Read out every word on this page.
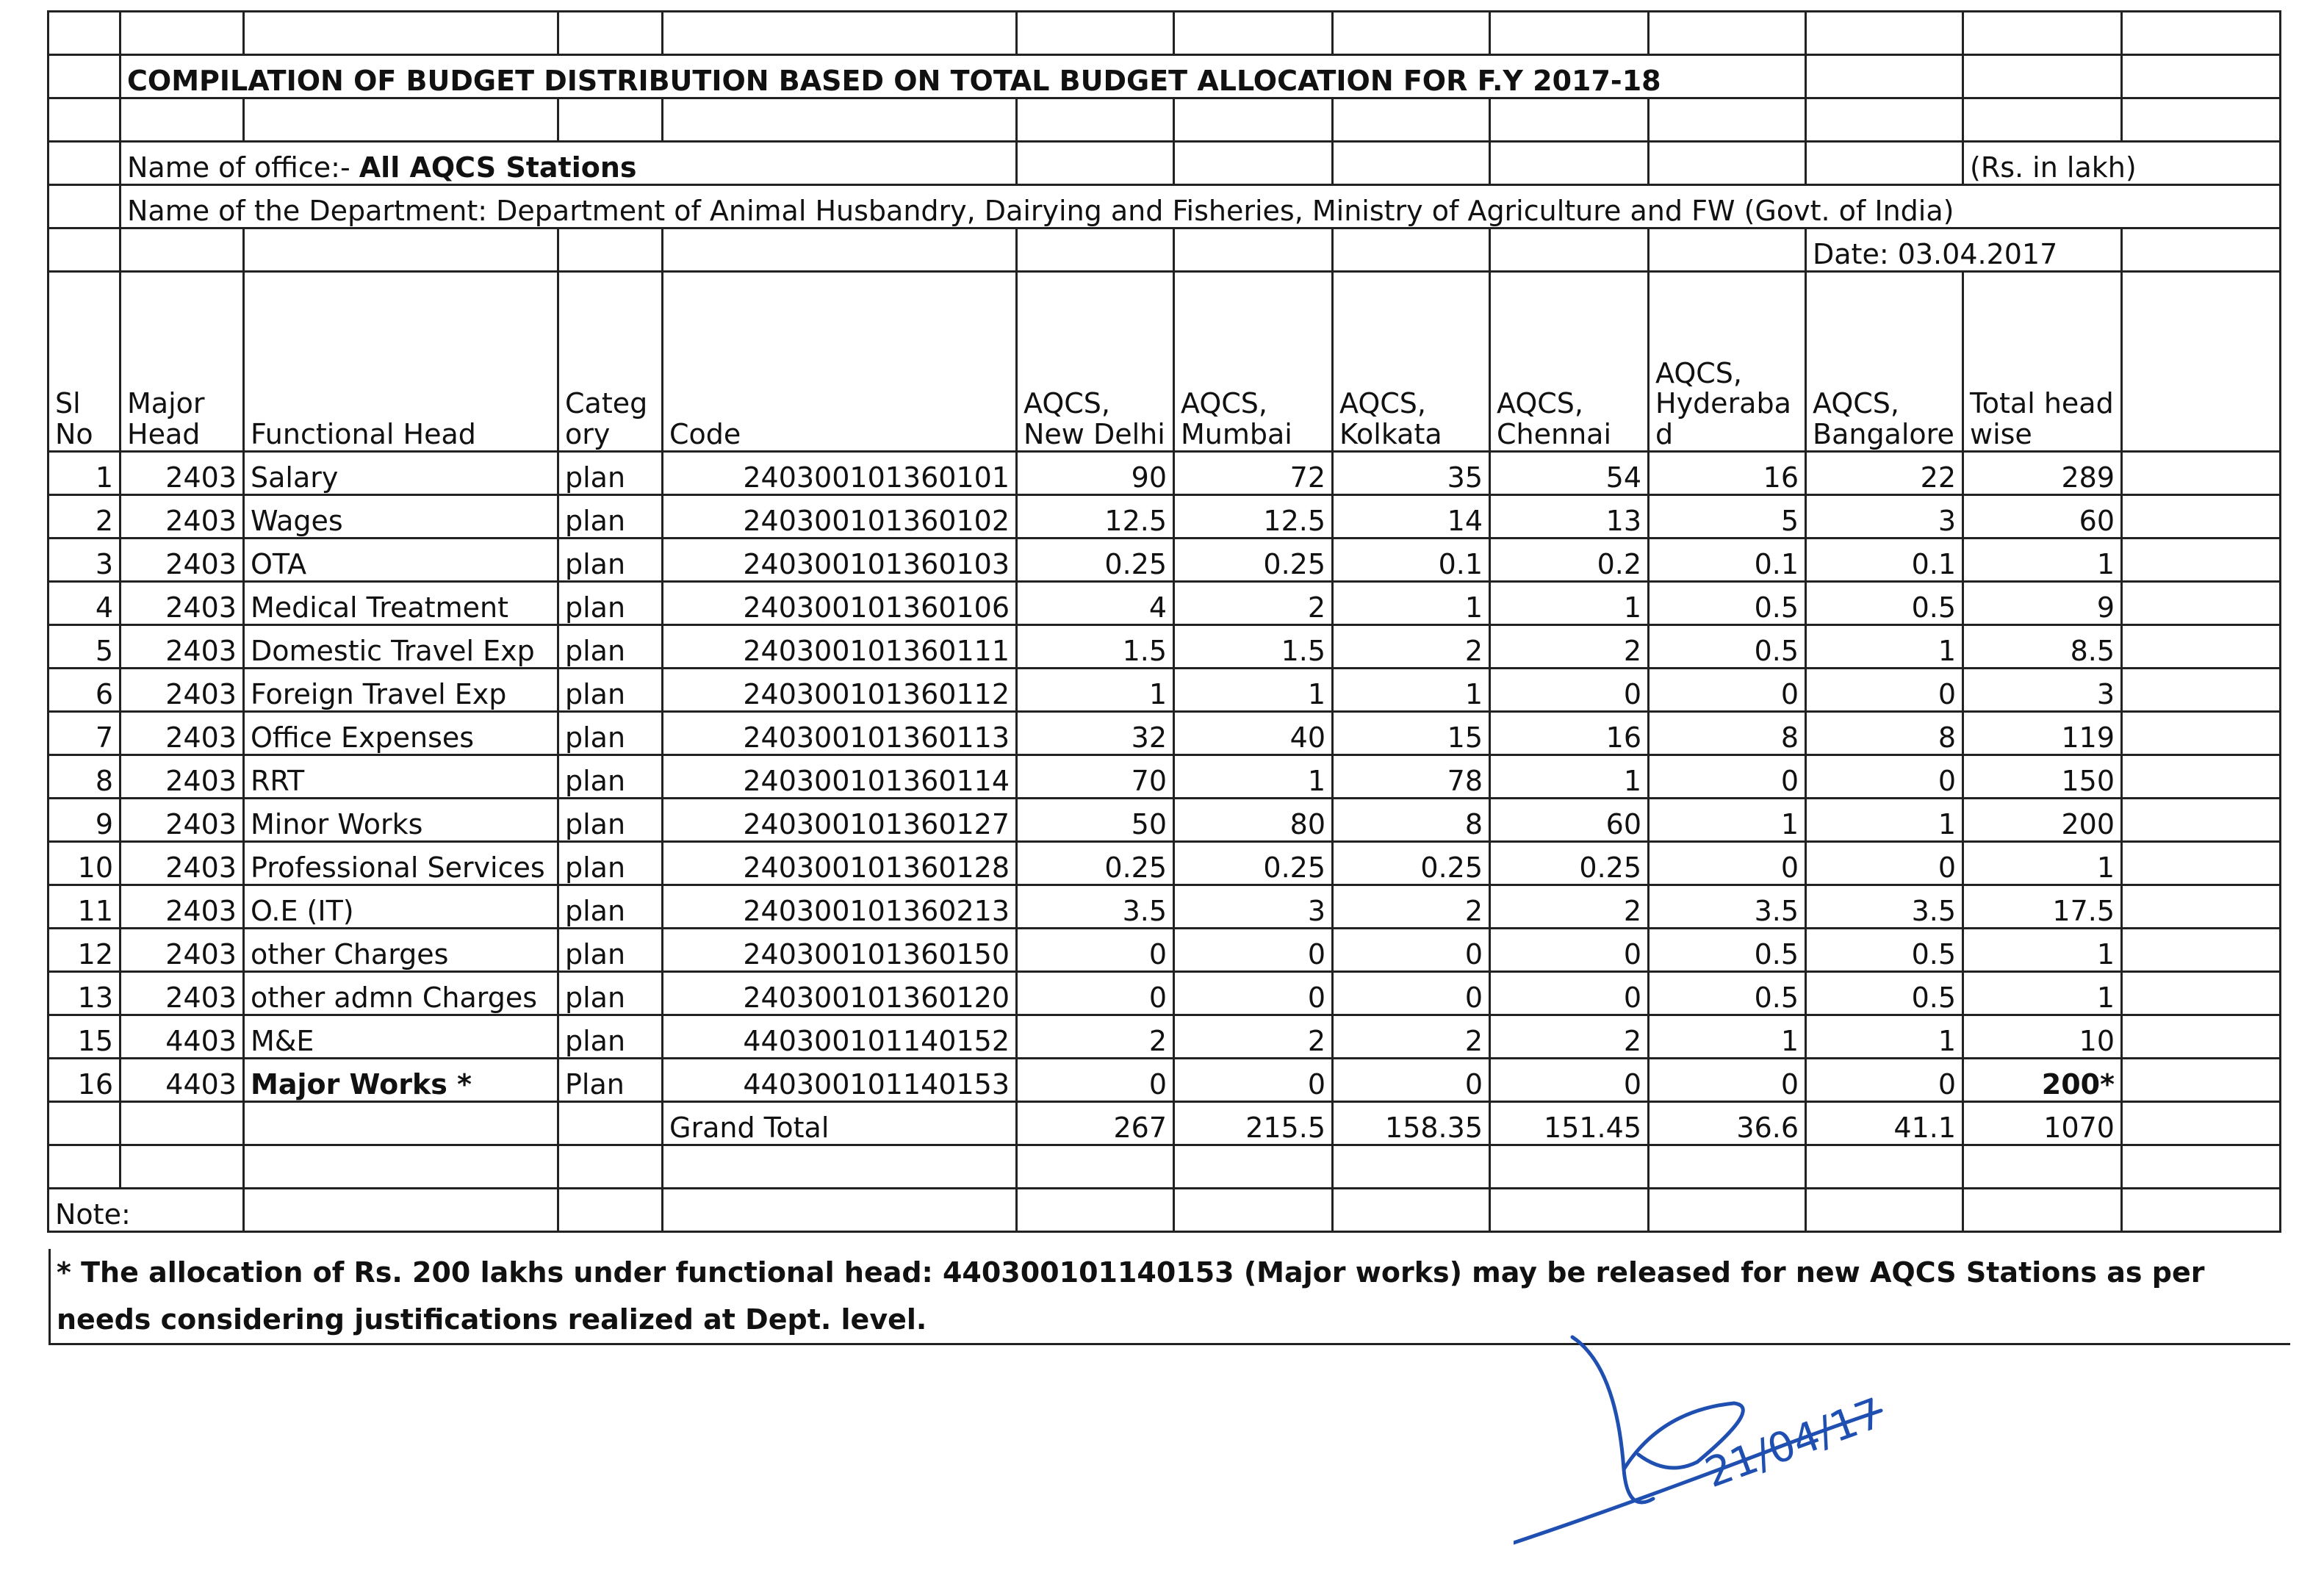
	COMPILATION OF BUDGET DISTRIBUTION BASED ON TOTAL BUDGET ALLOCATION FOR F.Y 2017-18											

	Name of office:- All AQCS Stations										(Rs. in lakh)	
	Name of the Department: Department of Animal Husbandry, Dairying and Fisheries, Ministry of Agriculture and FW (Govt. of India)											
										Date: 03.04.2017		
Sl No	Major Head	Functional Head	Categ ory	Code	AQCS, New Delhi	AQCS, Mumbai	AQCS, Kolkata	AQCS, Chennai	AQCS, Hyderaba d	AQCS, Bangalore	Total head wise	
1	2403	Salary	plan	240300101360101	90	72	35	54	16	22	289	
2	2403	Wages	plan	240300101360102	12.5	12.5	14	13	5	3	60	
3	2403	OTA	plan	240300101360103	0.25	0.25	0.1	0.2	0.1	0.1	1	
4	2403	Medical Treatment	plan	240300101360106	4	2	1	1	0.5	0.5	9	
5	2403	Domestic Travel Exp	plan	240300101360111	1.5	1.5	2	2	0.5	1	8.5	
6	2403	Foreign Travel Exp	plan	240300101360112	1	1	1	0	0	0	3	
7	2403	Office Expenses	plan	240300101360113	32	40	15	16	8	8	119	
8	2403	RRT	plan	240300101360114	70	1	78	1	0	0	150	
9	2403	Minor Works	plan	240300101360127	50	80	8	60	1	1	200	
10	2403	Professional Services	plan	240300101360128	0.25	0.25	0.25	0.25	0	0	1	
11	2403	O.E (IT)	plan	240300101360213	3.5	3	2	2	3.5	3.5	17.5	
12	2403	other Charges	plan	240300101360150	0	0	0	0	0.5	0.5	1	
13	2403	other admn Charges	plan	240300101360120	0	0	0	0	0.5	0.5	1	
15	4403	M&E	plan	440300101140152	2	2	2	2	1	1	10	
16	4403	Major Works *	Plan	440300101140153	0	0	0	0	0	0	200*	
				Grand Total	267	215.5	158.35	151.45	36.6	41.1	1070	

Note:												
* The allocation of Rs. 200 lakhs under functional head: 440300101140153 (Major works) may be released for new AQCS Stations as per needs considering justifications realized at Dept. level.
21/04/17
